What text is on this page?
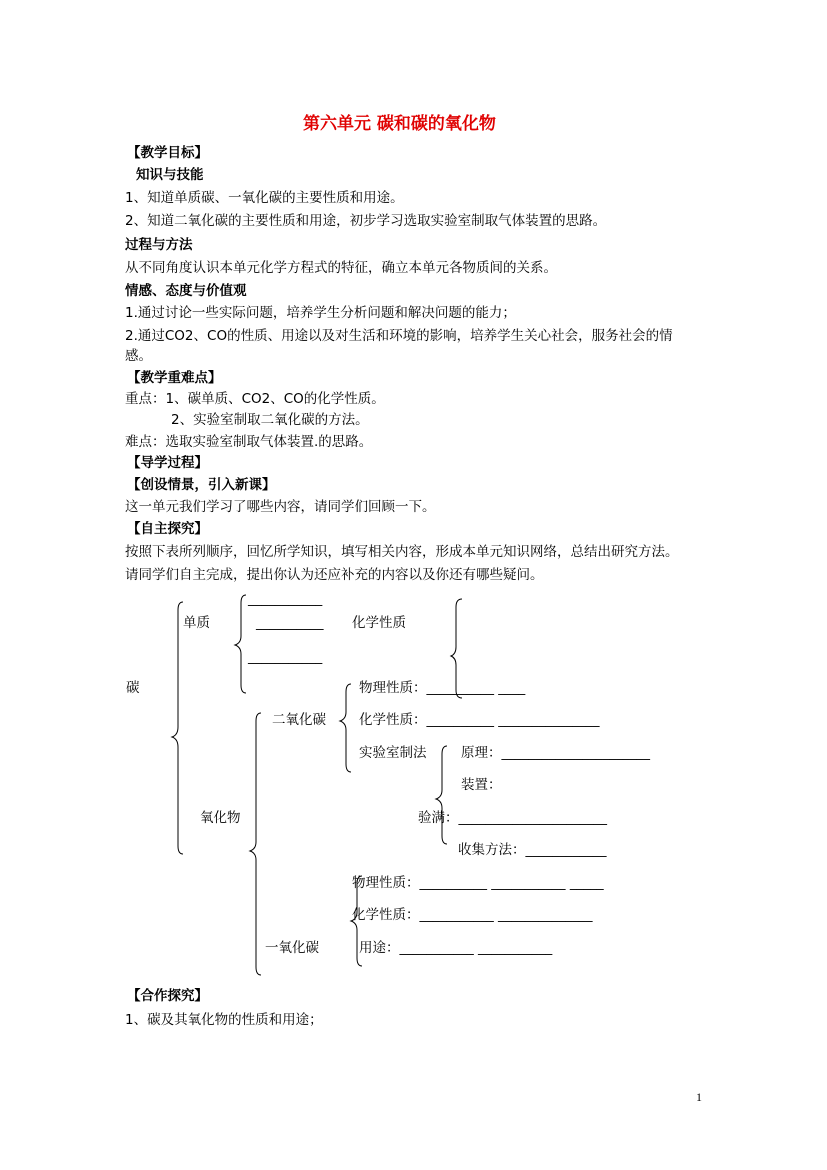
第六单元 碳和碳的氧化物
【教学目标】
知识与技能
1、知道单质碳、一氧化碳的主要性质和用途。
2、知道二氧化碳的主要性质和用途，初步学习选取实验室制取气体装置的思路。
过程与方法
从不同角度认识本单元化学方程式的特征，确立本单元各物质间的关系。
情感、态度与价值观
1.通过讨论一些实际问题，培养学生分析问题和解决问题的能力；
2.通过CO2、CO的性质、用途以及对生活和环境的影响，培养学生关心社会，服务社会的情
感。
【教学重难点】
重点：1、碳单质、CO2、CO的化学性质。
2、实验室制取二氧化碳的方法。
难点：选取实验室制取气体装置.的思路。
【导学过程】
【创设情景，引入新课】
这一单元我们学习了哪些内容，请同学们回顾一下。
【自主探究】
按照下表所列顺序，回忆所学知识，填写相关内容，形成本单元知识网络，总结出研究方法。
请同学们自主完成，提出你认为还应补充的内容以及你还有哪些疑问。
碳
单质
___________
__________
___________
化学性质
氧化物
二氧化碳
物理性质：__________ ____
化学性质：__________ _______________
实验室制法	原理：______________________
装置：
验满：______________________
收集方法：____________
一氧化碳
物理性质：__________ ___________ _____
化学性质：___________ ______________
用途：___________ ___________
【合作探究】
1、碳及其氧化物的性质和用途；
1
